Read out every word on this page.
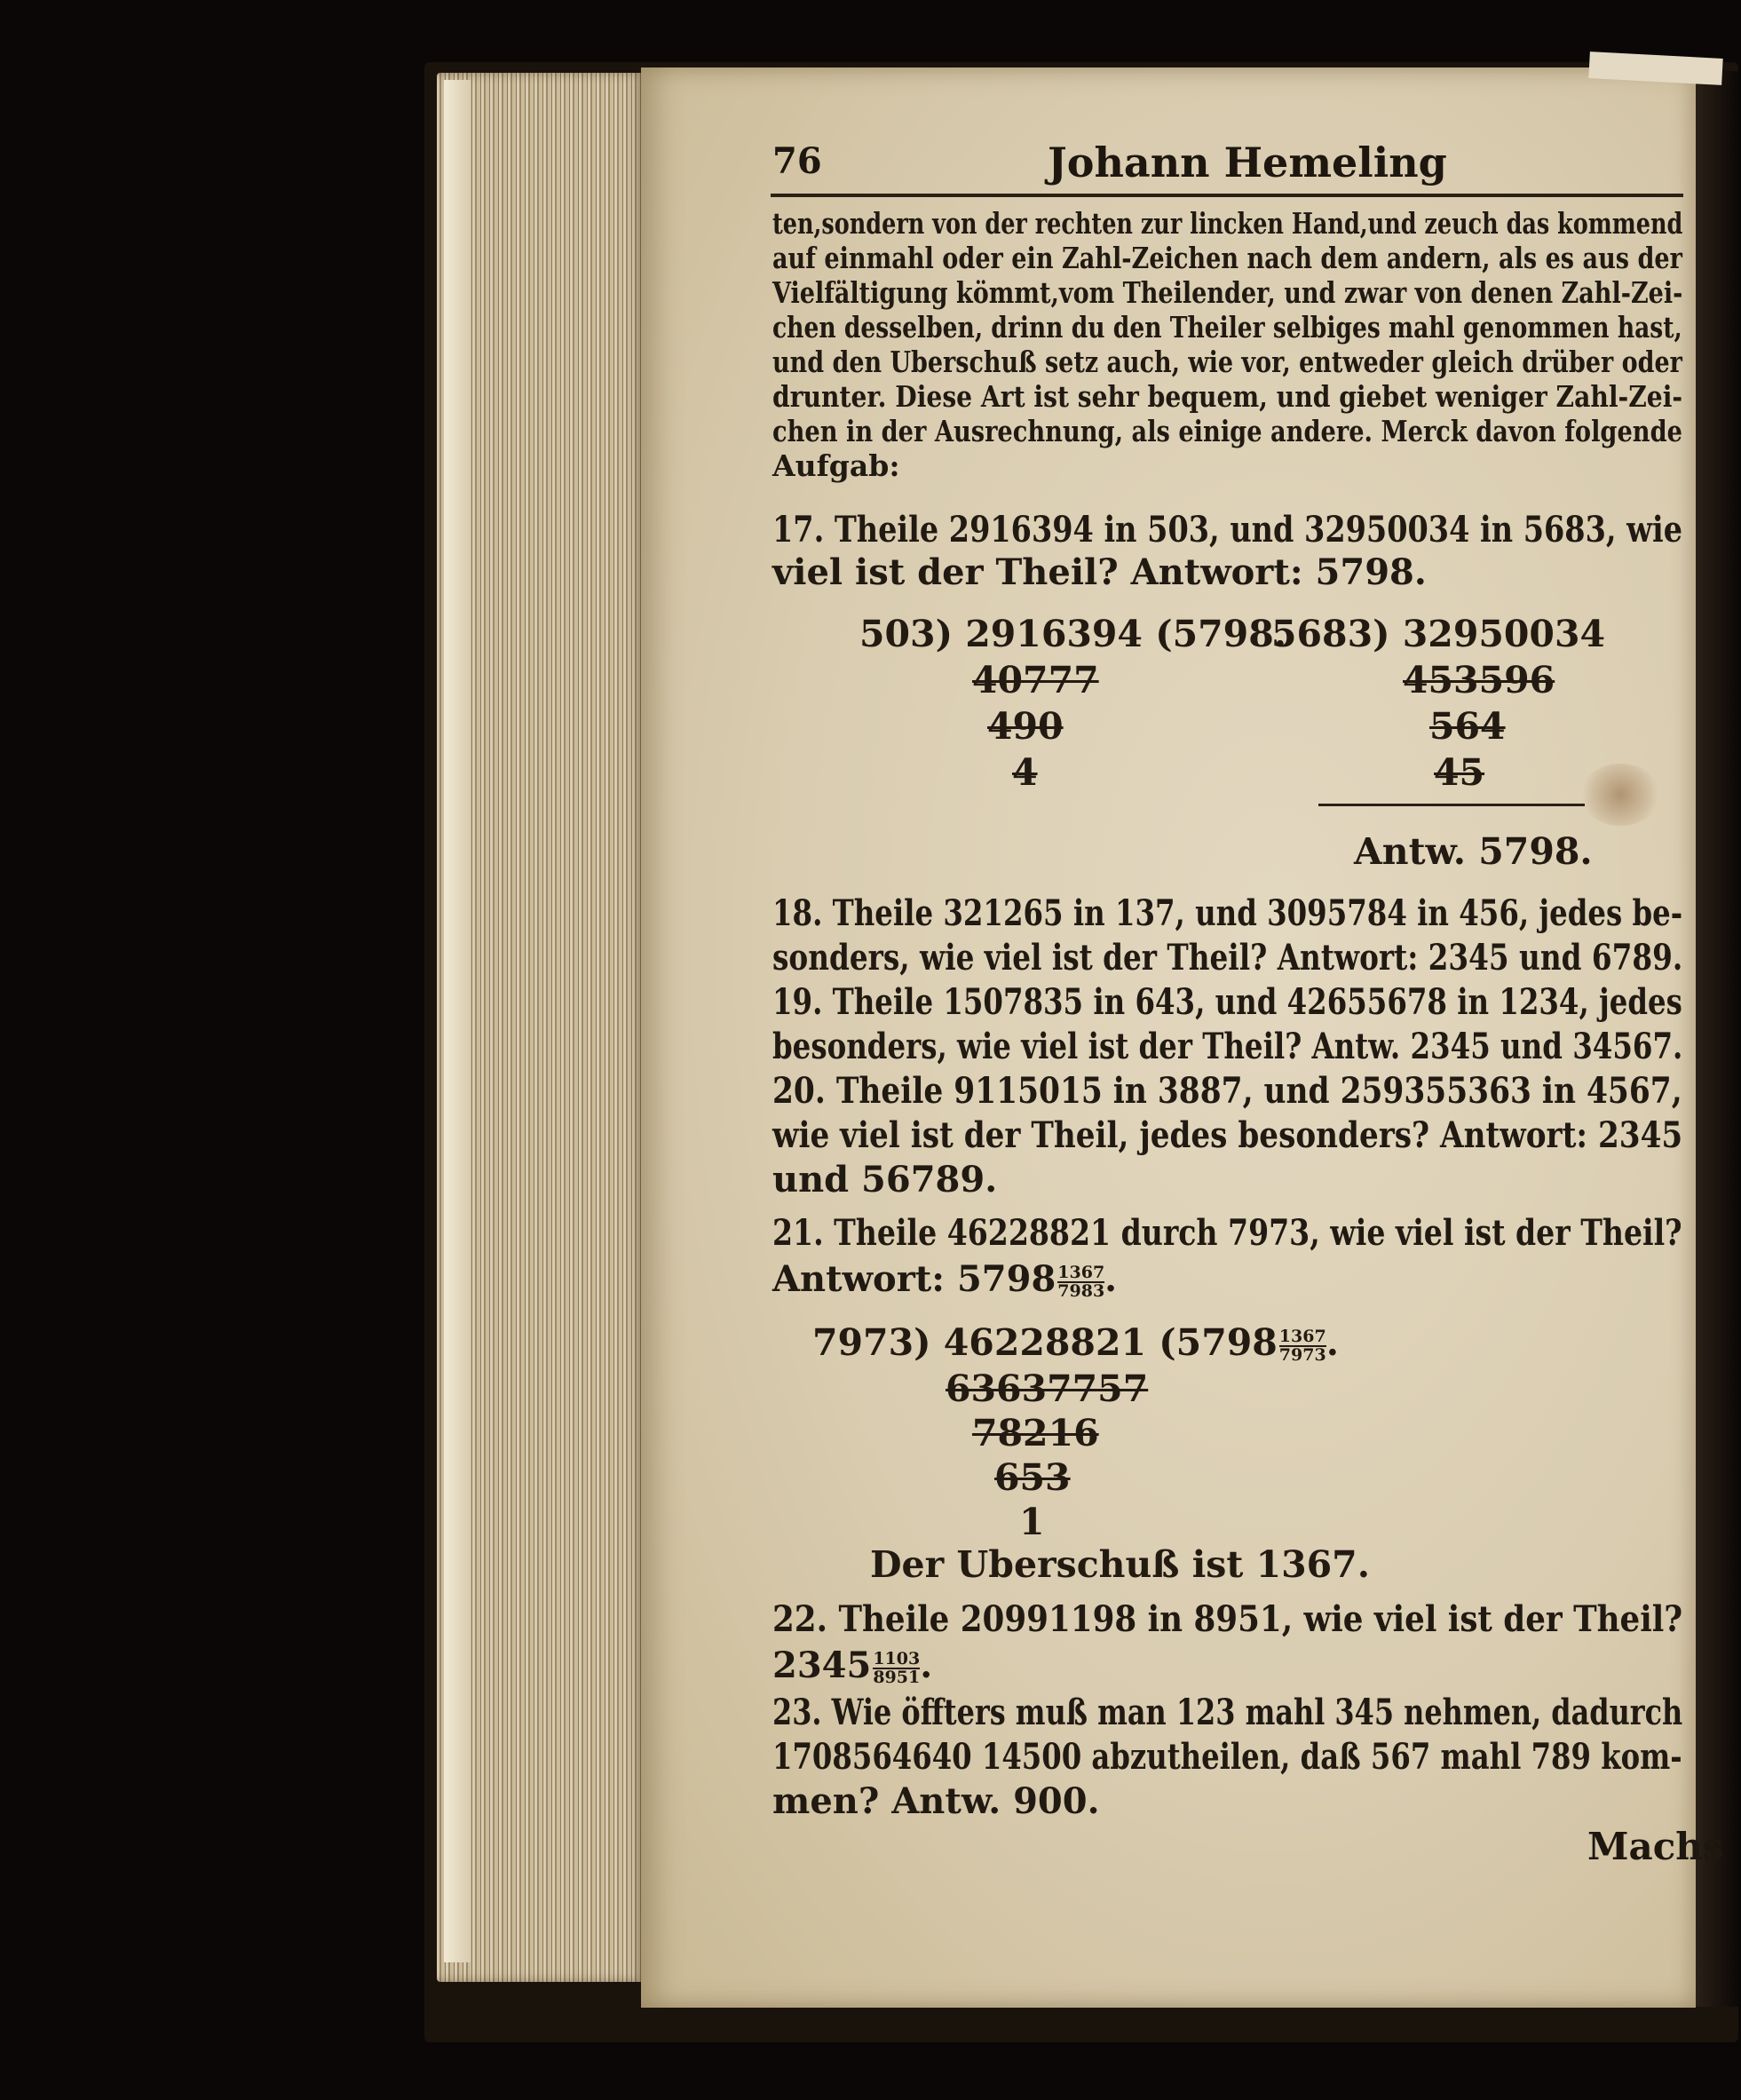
76	Johann Hemeling
ten,sondern von der rechten zur lincken Hand,und zeuch das kommend
auf einmahl oder ein Zahl-Zeichen nach dem andern, als es aus der
Vielfältigung kömmt,vom Theilender, und zwar von denen Zahl-Zei-
chen desselben, drinn du den Theiler selbiges mahl genommen hast,
und den Uberschuß setz auch, wie vor, entweder gleich drüber oder
drunter. Diese Art ist sehr bequem, und giebet weniger Zahl-Zei-
chen in der Ausrechnung, als einige andere. Merck davon folgende
Aufgab:
17. Theile 2916394 in 503, und 32950034 in 5683, wie
viel ist der Theil? Antwort: 5798.
503) 2916394 (5798.
40777
490
4
5683) 32950034
453596
564
45
Antw. 5798.
18. Theile 321265 in 137, und 3095784 in 456, jedes be-
sonders, wie viel ist der Theil? Antwort: 2345 und 6789.
19. Theile 1507835 in 643, und 42655678 in 1234, jedes
besonders, wie viel ist der Theil? Antw. 2345 und 34567.
20. Theile 9115015 in 3887, und 259355363 in 4567,
wie viel ist der Theil, jedes besonders? Antwort: 2345
und 56789.
21. Theile 46228821 durch 7973, wie viel ist der Theil?
Antwort: $5798 \frac{1367}{7983}$ .
7973) 46228821 ($5798 \frac{1367}{7973}$ .
63637757
78216
653
1
Der Uberschuß ist 1367.
22. Theile 20991198 in 8951, wie viel ist der Theil?
$2345 \frac{1103}{8951}$ .
23. Wie öffters muß man 123 mahl 345 nehmen, dadurch
1708564640 14500 abzutheilen, daß 567 mahl 789 kom-
men? Antw. 900.
Machs
